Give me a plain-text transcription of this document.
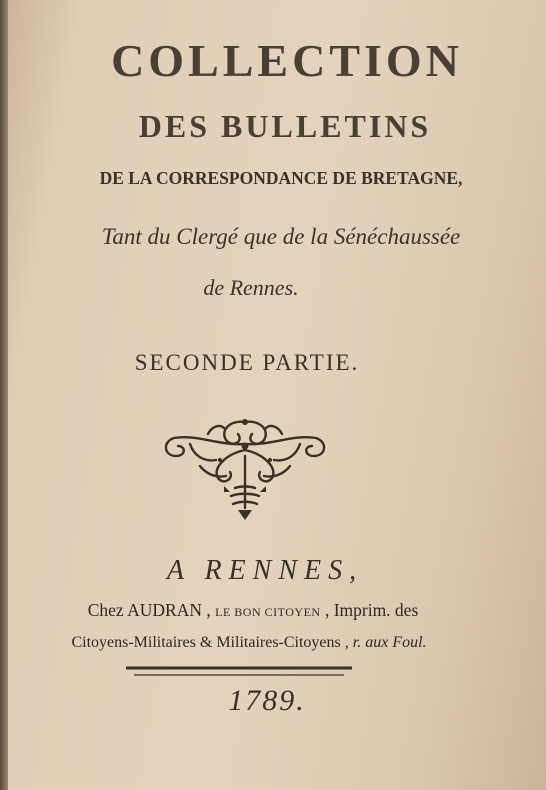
COLLECTION
DES BULLETINS
DE LA CORRESPONDANCE DE BRETAGNE,
Tant du Clergé que de la Sénéchaussée
de Rennes.
SECONDE PARTIE.
A RENNES,
Chez AUDRAN , LE BON CITOYEN , Imprim. des
Citoyens-Militaires & Militaires-Citoyens , r. aux Foul.
1789.
